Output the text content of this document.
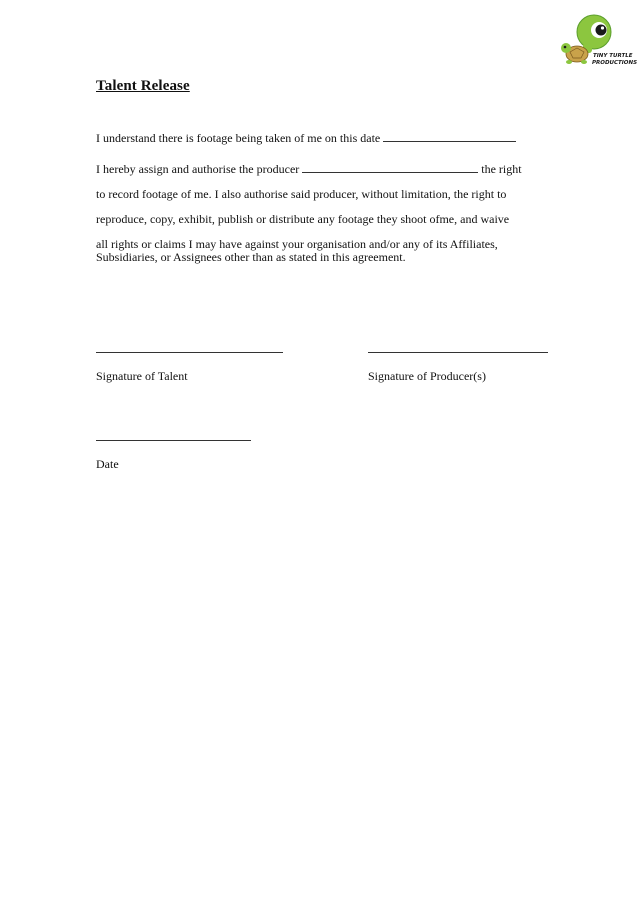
TINY TURTLE
PRODUCTIONS
Talent Release
I understand there is footage being taken of me on this date
I hereby assign and authorise the producer	the right
to record footage of me. I also authorise said producer, without limitation, the right to
reproduce, copy, exhibit, publish or distribute any footage they shoot ofme, and waive
all rights or claims I may have against your organisation and/or any of its Affiliates,
Subsidiaries, or Assignees other than as stated in this agreement.
Signature of Talent	Signature of Producer(s)
Date
